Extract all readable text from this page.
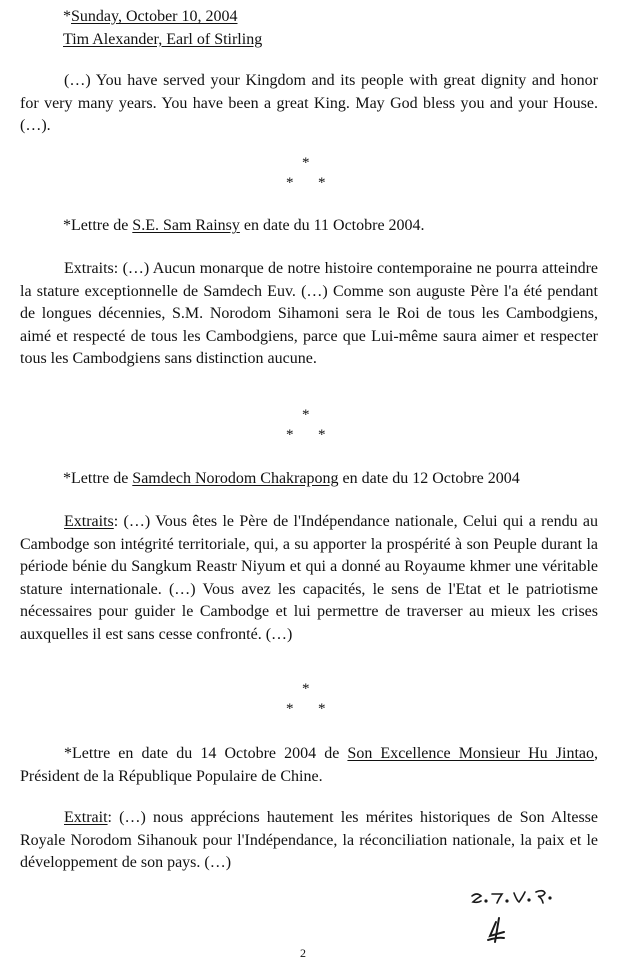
*Sunday, October 10, 2004
Tim Alexander, Earl of Stirling
(…) You have served your Kingdom and its people with great dignity and honor for very many years. You have been a great King. May God bless you and your House. (…).
*
* *
*Lettre de S.E. Sam Rainsy en date du 11 Octobre 2004.
Extraits: (…) Aucun monarque de notre histoire contemporaine ne pourra atteindre la stature exceptionnelle de Samdech Euv. (…) Comme son auguste Père l'a été pendant de longues décennies, S.M. Norodom Sihamoni sera le Roi de tous les Cambodgiens, aimé et respecté de tous les Cambodgiens, parce que Lui-même saura aimer et respecter tous les Cambodgiens sans distinction aucune.
*
* *
*Lettre de Samdech Norodom Chakrapong en date du 12 Octobre 2004
Extraits: (…) Vous êtes le Père de l'Indépendance nationale, Celui qui a rendu au Cambodge son intégrité territoriale, qui, a su apporter la prospérité à son Peuple durant la période bénie du Sangkum Reastr Niyum et qui a donné au Royaume khmer une véritable stature internationale. (…) Vous avez les capacités, le sens de l'Etat et le patriotisme nécessaires pour guider le Cambodge et lui permettre de traverser au mieux les crises auxquelles il est sans cesse confronté. (…)
*
* *
*Lettre en date du 14 Octobre 2004 de Son Excellence Monsieur Hu Jintao, Président de la République Populaire de Chine.
Extrait: (…) nous apprécions hautement les mérites historiques de Son Altesse Royale Norodom Sihanouk pour l'Indépendance, la réconciliation nationale, la paix et le développement de son pays. (…)
2
